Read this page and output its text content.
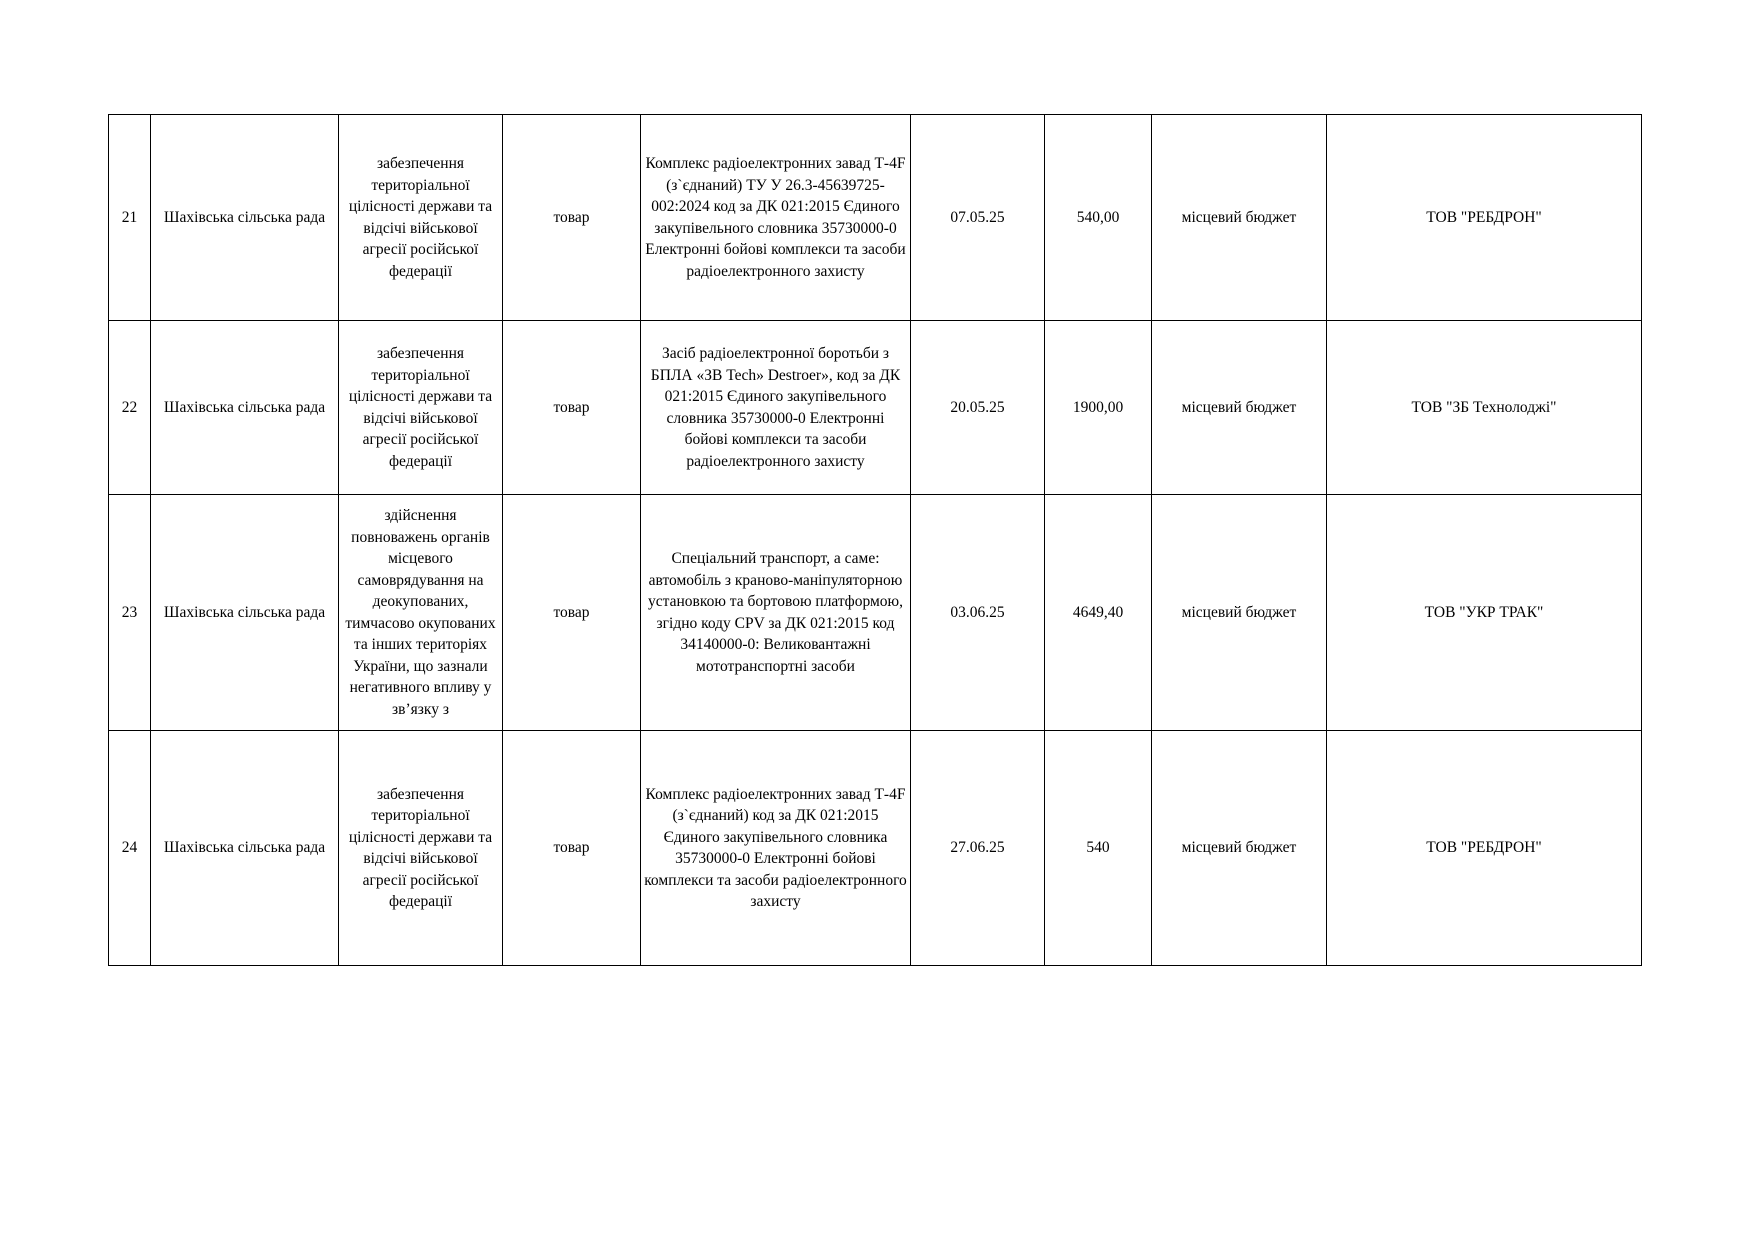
21	Шахівська сільська рада	забезпечення територіальної цілісності держави та відсічі військової агресії російської федерації	товар	Комплекс радіоелектронних завад Т-4F (з`єднаний) ТУ У 26.3-45639725-002:2024 код за ДК 021:2015 Єдиного закупівельного словника 35730000-0 Електронні бойові комплекси та засоби радіоелектронного захисту	07.05.25	540,00	місцевий бюджет	ТОВ "РЕБДРОН"
22	Шахівська сільська рада	забезпечення територіальної цілісності держави та відсічі військової агресії російської федерації	товар	Засіб радіоелектронної боротьби з БПЛА «ЗВ Tech» Destroer», код за ДК 021:2015 Єдиного закупівельного словника 35730000-0 Електронні бойові комплекси та засоби радіоелектронного захисту	20.05.25	1900,00	місцевий бюджет	ТОВ "ЗБ Технолоджі"
23	Шахівська сільська рада	здійснення повноважень органів місцевого самоврядування на деокупованих, тимчасово окупованих та інших територіях України, що зазнали негативного впливу у зв’язку з	товар	Спеціальний транспорт, а саме: автомобіль з краново-маніпуляторною установкою та бортовою платформою, згідно коду CPV за ДК 021:2015 код 34140000-0: Великовантажні мототранспортні засоби	03.06.25	4649,40	місцевий бюджет	ТОВ "УКР ТРАК"
24	Шахівська сільська рада	забезпечення територіальної цілісності держави та відсічі військової агресії російської федерації	товар	Комплекс радіоелектронних завад Т-4F (з`єднаний) код за ДК 021:2015 Єдиного закупівельного словника 35730000-0 Електронні бойові комплекси та засоби радіоелектронного захисту	27.06.25	540	місцевий бюджет	ТОВ "РЕБДРОН"
